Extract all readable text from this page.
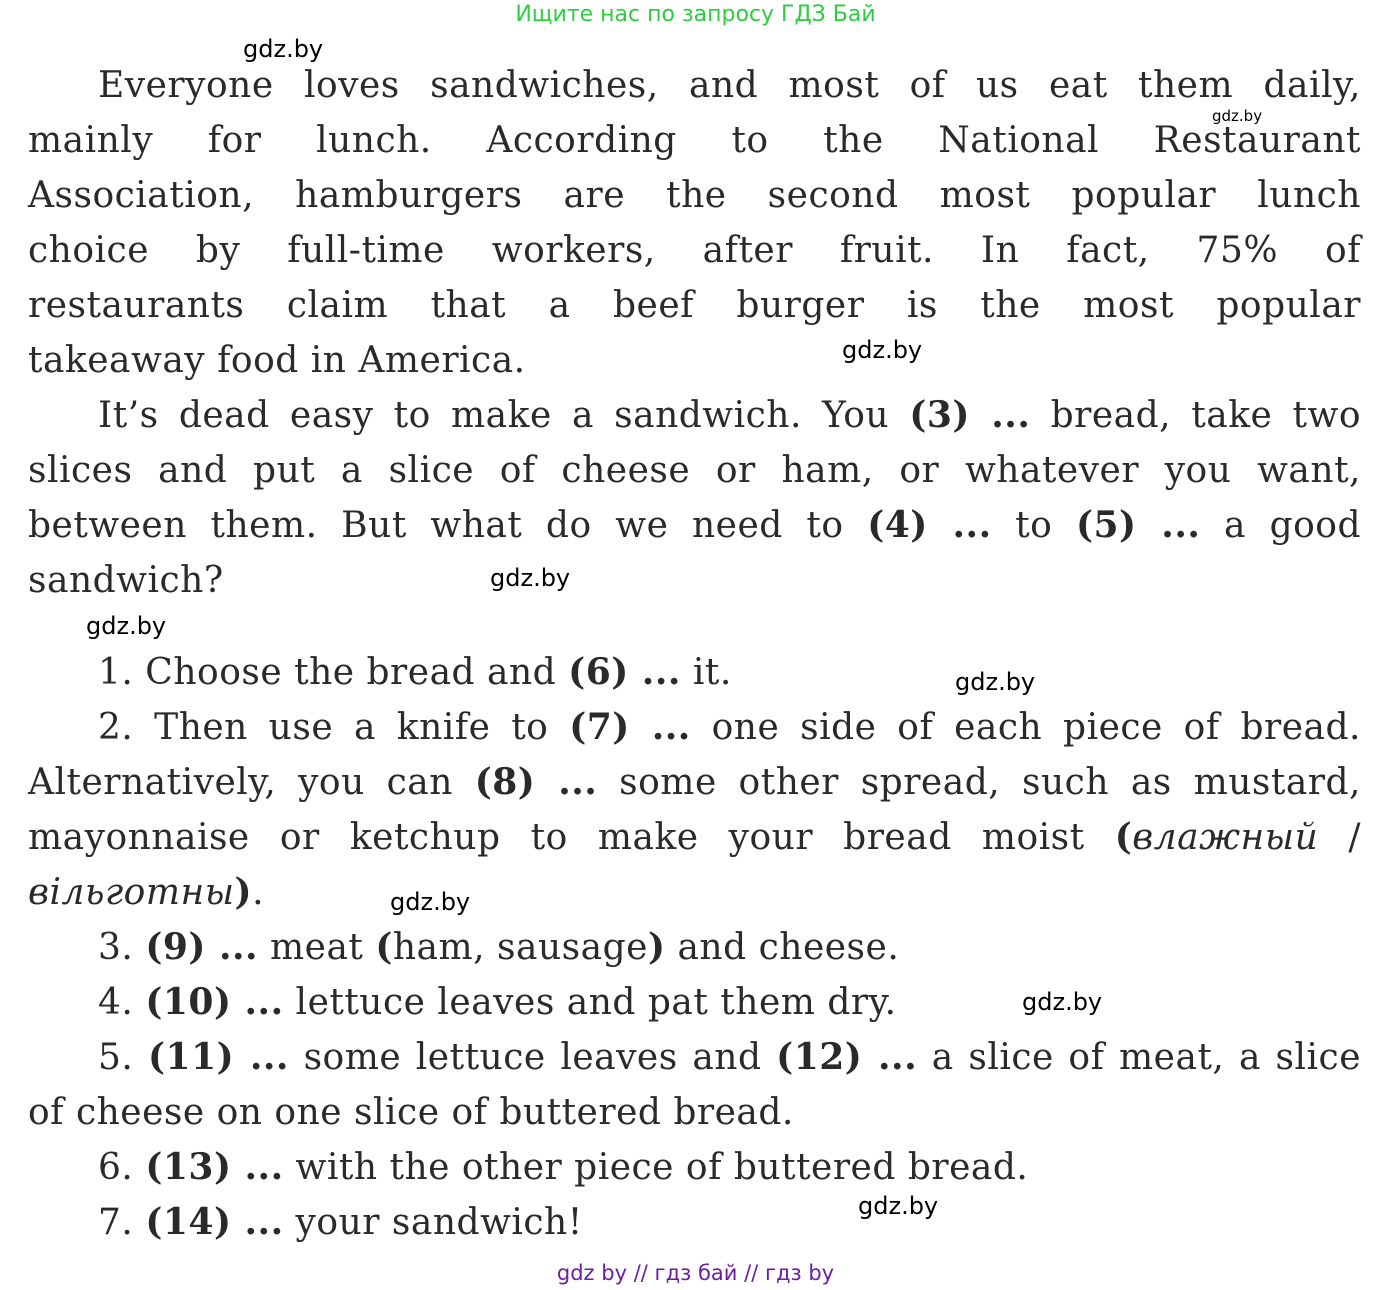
Ищите нас по запросу ГДЗ Бай
gdz.by
gdz.by
gdz.by
gdz.by
gdz.by
gdz.by
gdz.by
gdz.by
gdz.by
Everyone loves sandwiches, and most of us eat them daily,
mainly for lunch. According to the National Restaurant
Association, hamburgers are the second most popular lunch
choice by full-time workers, after fruit. In fact, 75% of
restaurants claim that a beef burger is the most popular
takeaway food in America.
It’s dead easy to make a sandwich. You (3) ... bread, take two
slices and put a slice of cheese or ham, or whatever you want,
between them. But what do we need to (4) ... to (5) ... a good
sandwich?
1. Choose the bread and (6) ... it.
2. Then use a knife to (7) ... one side of each piece of bread.
Alternatively, you can (8) ... some other spread, such as mustard,
mayonnaise or ketchup to make your bread moist (влажный /
вільготны).
3. (9) ... meat (ham, sausage) and cheese.
4. (10) ... lettuce leaves and pat them dry.
5. (11) ... some lettuce leaves and (12) ... a slice of meat, a slice
of cheese on one slice of buttered bread.
6. (13) ... with the other piece of buttered bread.
7. (14) ... your sandwich!
gdz by // гдз бай // гдз by
